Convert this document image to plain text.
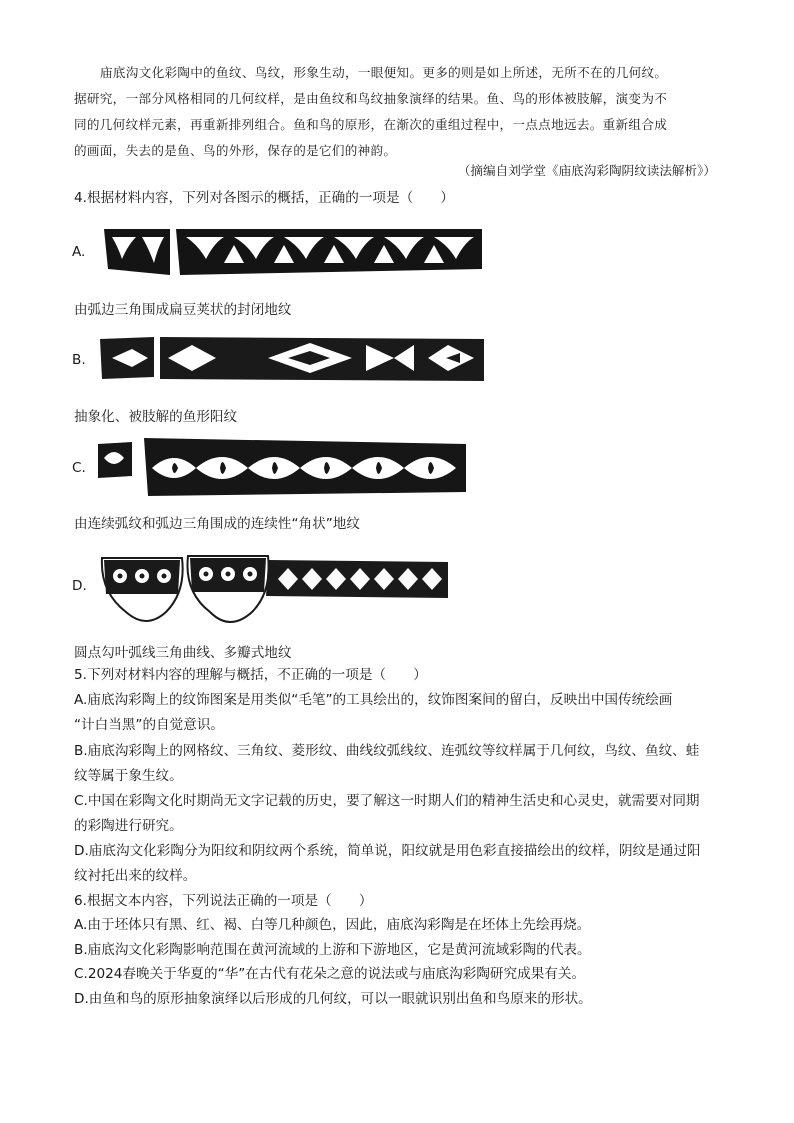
庙底沟文化彩陶中的鱼纹、鸟纹，形象生动，一眼便知。更多的则是如上所述，无所不在的几何纹。
据研究，一部分风格相同的几何纹样，是由鱼纹和鸟纹抽象演绎的结果。鱼、鸟的形体被肢解，演变为不
同的几何纹样元素，再重新排列组合。鱼和鸟的原形，在渐次的重组过程中，一点点地远去。重新组合成
的画面，失去的是鱼、鸟的外形，保存的是它们的神韵。
（摘编自刘学堂《庙底沟彩陶阴纹读法解析》）
4.根据材料内容，下列对各图示的概括，正确的一项是（　　）
A.
由弧边三角围成扁豆荚状的封闭地纹
B.
抽象化、被肢解的鱼形阳纹
C.
由连续弧纹和弧边三角围成的连续性“角状”地纹
D.
圆点勾叶弧线三角曲线、多瓣式地纹
5.下列对材料内容的理解与概括，不正确的一项是（　　）
A.庙底沟彩陶上的纹饰图案是用类似“毛笔”的工具绘出的，纹饰图案间的留白，反映出中国传统绘画
“计白当黑”的自觉意识。
B.庙底沟彩陶上的网格纹、三角纹、菱形纹、曲线纹弧线纹、连弧纹等纹样属于几何纹，鸟纹、鱼纹、蛙
纹等属于象生纹。
C.中国在彩陶文化时期尚无文字记载的历史，要了解这一时期人们的精神生活史和心灵史，就需要对同期
的彩陶进行研究。
D.庙底沟文化彩陶分为阳纹和阴纹两个系统，简单说，阳纹就是用色彩直接描绘出的纹样，阴纹是通过阳
纹衬托出来的纹样。
6.根据文本内容，下列说法正确的一项是（　　）
A.由于坯体只有黑、红、褐、白等几种颜色，因此，庙底沟彩陶是在坯体上先绘再烧。
B.庙底沟文化彩陶影响范围在黄河流域的上游和下游地区，它是黄河流域彩陶的代表。
C.2024春晚关于华夏的“华”在古代有花朵之意的说法或与庙底沟彩陶研究成果有关。
D.由鱼和鸟的原形抽象演绎以后形成的几何纹，可以一眼就识别出鱼和鸟原来的形状。
